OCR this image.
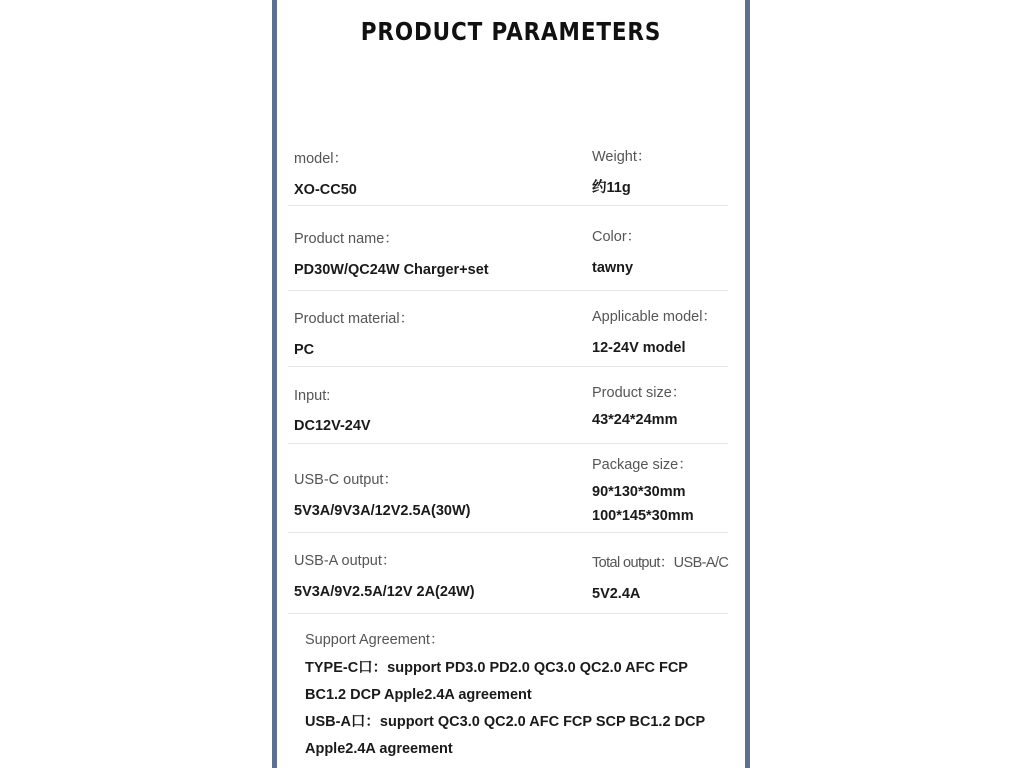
PRODUCT PARAMETERS
model：
XO-CC50
Weight：
约11g
Product name：
PD30W/QC24W Charger+set
Color：
tawny
Product material：
PC
Applicable model：
12-24V model
Input:
DC12V-24V
Product size：
43*24*24mm
USB-C output：
5V3A/9V3A/12V2.5A(30W)
Package size：
90*130*30mm
100*145*30mm
USB-A output：
5V3A/9V2.5A/12V 2A(24W)
Total output：USB-A/C
5V2.4A
Support Agreement：
TYPE-C口：support PD3.0 PD2.0 QC3.0 QC2.0 AFC FCP
BC1.2 DCP Apple2.4A agreement
USB-A口：support QC3.0 QC2.0 AFC FCP SCP BC1.2 DCP
Apple2.4A agreement
